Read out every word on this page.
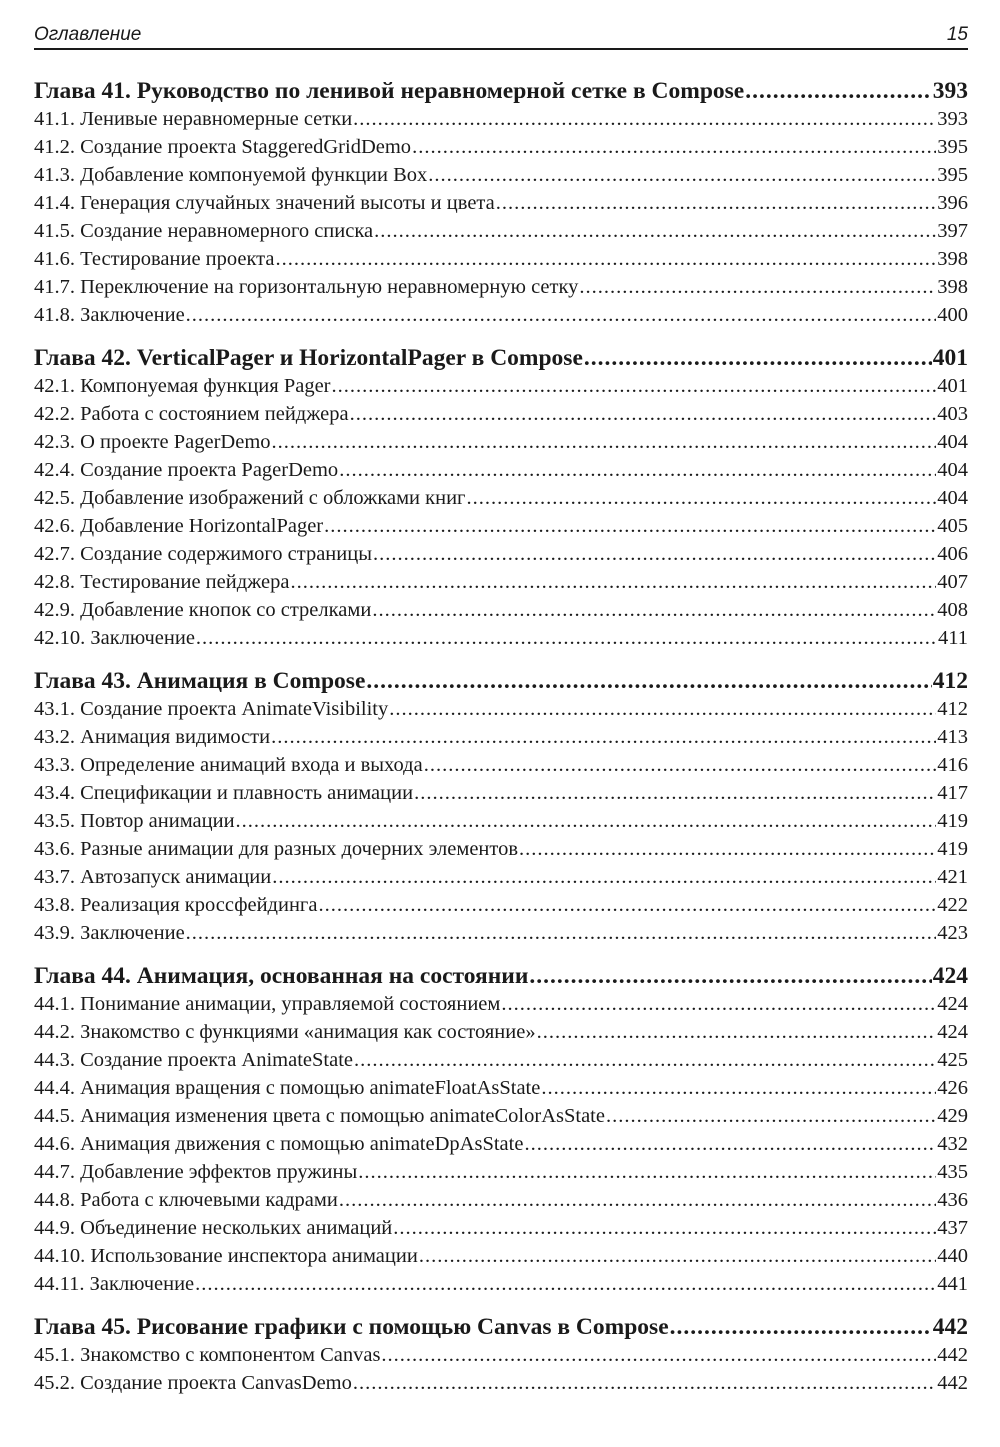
Оглавление	15
Глава 41. Руководство по ленивой неравномерной сетке в Compose .....	393
41.1. Ленивые неравномерные сетки .....	393
41.2. Создание проекта StaggeredGridDemo .....	395
41.3. Добавление компонуемой функции Box .....	395
41.4. Генерация случайных значений высоты и цвета .....	396
41.5. Создание неравномерного списка .....	397
41.6. Тестирование проекта .....	398
41.7. Переключение на горизонтальную неравномерную сетку .....	398
41.8. Заключение .....	400
Глава 42. VerticalPager и HorizontalPager в Compose .....	401
42.1. Компонуемая функция Pager .....	401
42.2. Работа с состоянием пейджера .....	403
42.3. О проекте PagerDemo .....	404
42.4. Создание проекта PagerDemo .....	404
42.5. Добавление изображений с обложками книг .....	404
42.6. Добавление HorizontalPager .....	405
42.7. Создание содержимого страницы .....	406
42.8. Тестирование пейджера .....	407
42.9. Добавление кнопок со стрелками .....	408
42.10. Заключение .....	411
Глава 43. Анимация в Compose .....	412
43.1. Создание проекта AnimateVisibility .....	412
43.2. Анимация видимости .....	413
43.3. Определение анимаций входа и выхода .....	416
43.4. Спецификации и плавность анимации .....	417
43.5. Повтор анимации .....	419
43.6. Разные анимации для разных дочерних элементов .....	419
43.7. Автозапуск анимации .....	421
43.8. Реализация кроссфейдинга .....	422
43.9. Заключение .....	423
Глава 44. Анимация, основанная на состоянии .....	424
44.1. Понимание анимации, управляемой состоянием .....	424
44.2. Знакомство с функциями «анимация как состояние» .....	424
44.3. Создание проекта AnimateState .....	425
44.4. Анимация вращения с помощью animateFloatAsState .....	426
44.5. Анимация изменения цвета с помощью animateColorAsState .....	429
44.6. Анимация движения с помощью animateDpAsState .....	432
44.7. Добавление эффектов пружины .....	435
44.8. Работа с ключевыми кадрами .....	436
44.9. Объединение нескольких анимаций .....	437
44.10. Использование инспектора анимации .....	440
44.11. Заключение .....	441
Глава 45. Рисование графики с помощью Canvas в Compose .....	442
45.1. Знакомство с компонентом Canvas .....	442
45.2. Создание проекта CanvasDemo .....	442
